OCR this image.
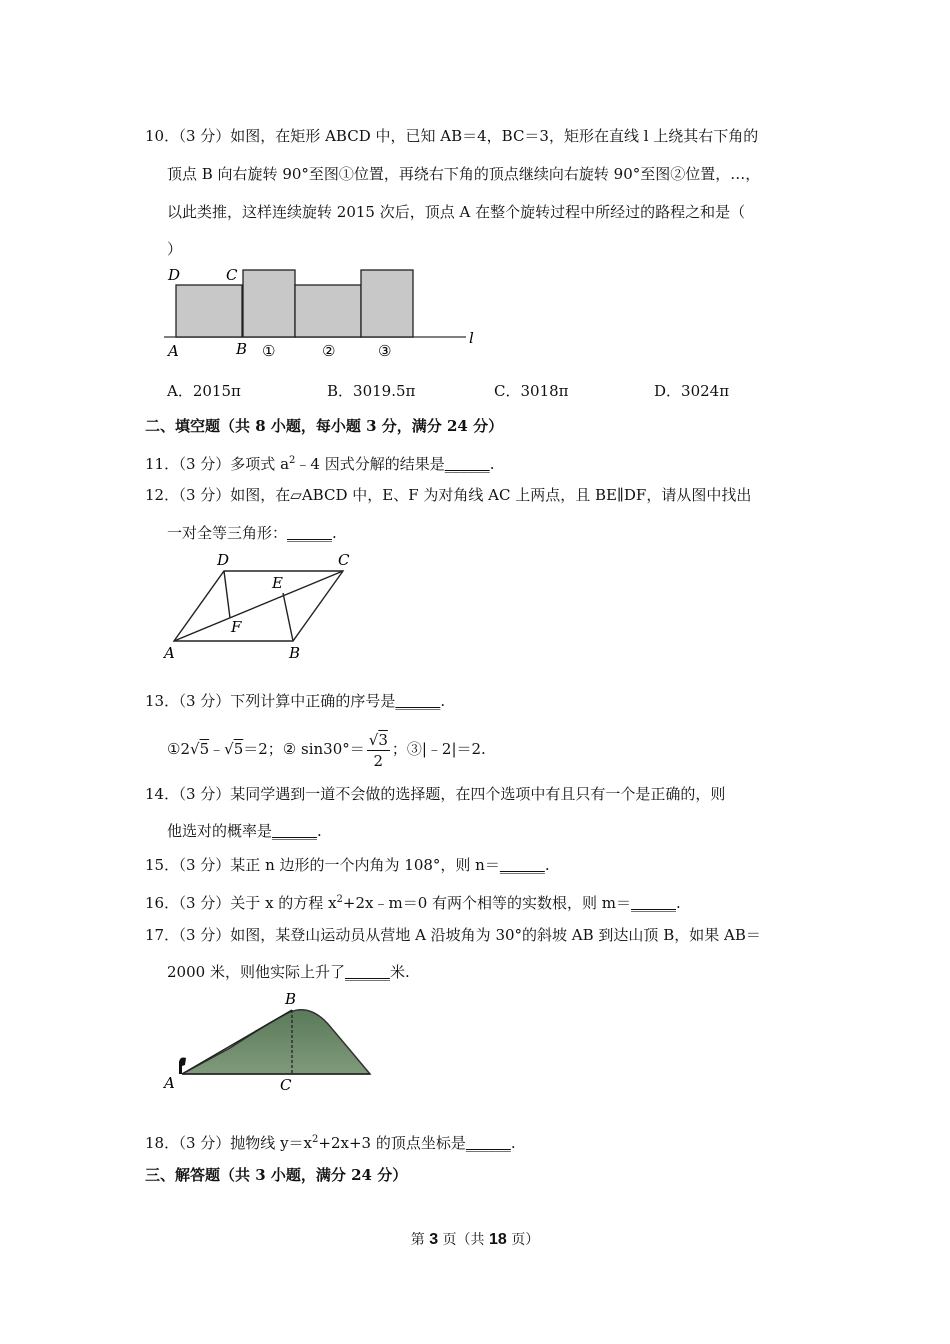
10．（3 分）如图，在矩形 ABCD 中，已知 AB＝4，BC＝3，矩形在直线 l 上绕其右下角的
顶点 B 向右旋转 90°至图①位置，再绕右下角的顶点继续向右旋转 90°至图②位置，…，
以此类推，这样连续旋转 2015 次后，顶点 A 在整个旋转过程中所经过的路程之和是（
）
D	C
A	B ①	②	③
l
A．2015π	B．3019.5π	C．3018π	D．3024π
二、填空题（共 8 小题，每小题 3 分，满分 24 分）
11．（3 分）多项式 $a^2﹣4$ 因式分解的结果是______.
12．（3 分）如图，在▱ABCD 中，E、F 为对角线 AC 上两点，且 BE∥DF，请从图中找出
一对全等三角形：______.
D	C
E
F
A	B
13．（3 分）下列计算中正确的序号是______.
①2√5﹣√5＝2；② $\sin 30^\circ= \frac{√3}{2}$ ；③|﹣2|＝2.
14．（3 分）某同学遇到一道不会做的选择题，在四个选项中有且只有一个是正确的，则
他选对的概率是______.
15．（3 分）某正 n 边形的一个内角为 108°，则 n＝______.
16．（3 分）关于 x 的方程 $x^2+2x﹣m=0$ 有两个相等的实数根，则 m＝______.
17．（3 分）如图，某登山运动员从营地 A 沿坡角为 30°的斜坡 AB 到达山顶 B，如果 AB＝
2000 米，则他实际上升了______米.
B
A	C
18．（3 分）抛物线 $y=x^2+2x+3$ 的顶点坐标是______.
三、解答题（共 3 小题，满分 24 分）
第 3 页（共 18 页）
